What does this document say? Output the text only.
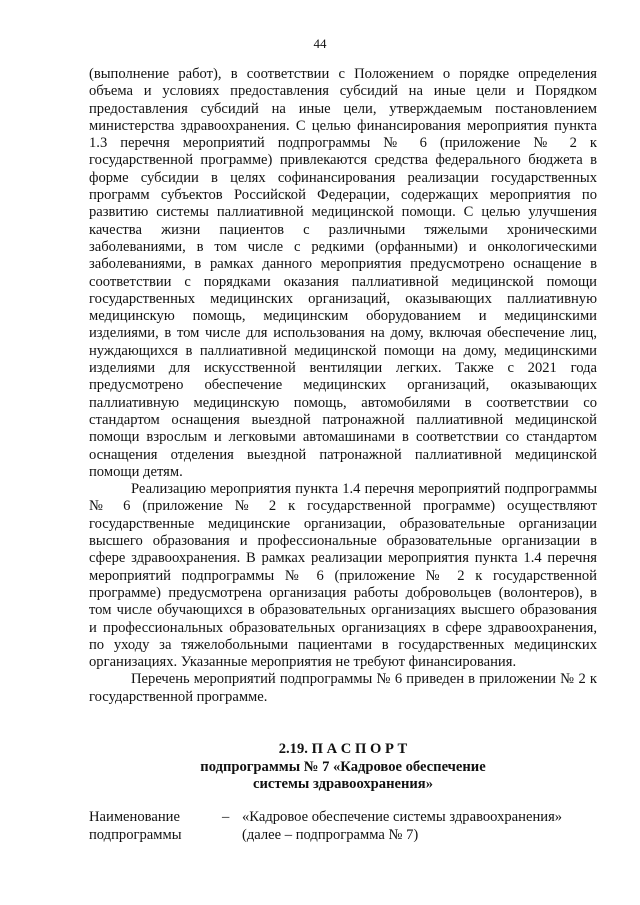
44

(выполнение работ), в соответствии с Положением о порядке определения объема и условиях предоставления субсидий на иные цели и Порядком предоставления субсидий на иные цели, утверждаемым постановлением министерства здравоохранения. С целью финансирования мероприятия пункта 1.3 перечня мероприятий подпрограммы № 6 (приложение № 2 к государственной программе) привлекаются средства федерального бюджета в форме субсидии в целях софинансирования реализации государственных программ субъектов Российской Федерации, содержащих мероприятия по развитию системы паллиативной медицинской помощи. С целью улучшения качества жизни пациентов с различными тяжелыми хроническими заболеваниями, в том числе с редкими (орфанными) и онкологическими заболеваниями, в рамках данного мероприятия предусмотрено оснащение в соответствии с порядками оказания паллиативной медицинской помощи государственных медицинских организаций, оказывающих паллиативную медицинскую помощь, медицинским оборудованием и медицинскими изделиями, в том числе для использования на дому, включая обеспечение лиц, нуждающихся в паллиативной медицинской помощи на дому, медицинскими изделиями для искусственной вентиляции легких. Также с 2021 года предусмотрено обеспечение медицинских организаций, оказывающих паллиативную медицинскую помощь, автомобилями в соответствии со стандартом оснащения выездной патронажной паллиативной медицинской помощи взрослым и легковыми автомашинами в соответствии со стандартом оснащения отделения выездной патронажной паллиативной медицинской помощи детям.

Реализацию мероприятия пункта 1.4 перечня мероприятий подпрограммы № 6 (приложение № 2 к государственной программе) осуществляют государственные медицинские организации, образовательные организации высшего образования и профессиональные образовательные организации в сфере здравоохранения. В рамках реализации мероприятия пункта 1.4 перечня мероприятий подпрограммы № 6 (приложение № 2 к государственной программе) предусмотрена организация работы добровольцев (волонтеров), в том числе обучающихся в образовательных организациях высшего образования и профессиональных образовательных организациях в сфере здравоохранения, по уходу за тяжелобольными пациентами в государственных медицинских организациях. Указанные мероприятия не требуют финансирования.

Перечень мероприятий подпрограммы № 6 приведен в приложении № 2 к государственной программе.

2.19. П А С П О Р Т
подпрограммы № 7 «Кадровое обеспечение
системы здравоохранения»
Наименование подпрограммы
– «Кадровое обеспечение системы здравоохранения» (далее – подпрограмма № 7)
